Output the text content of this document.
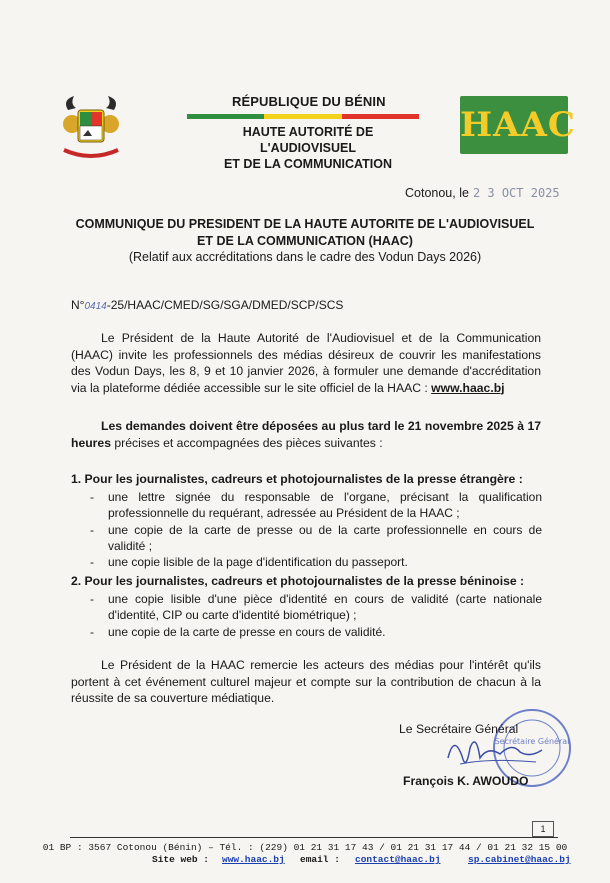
RÉPUBLIQUE DU BÉNIN
HAUTE AUTORITÉ DE L'AUDIOVISUEL
ET DE LA COMMUNICATION
HAAC
Cotonou, le 2 3 OCT 2025
COMMUNIQUE DU PRESIDENT DE LA HAUTE AUTORITE DE L'AUDIOVISUEL
ET DE LA COMMUNICATION (HAAC)
(Relatif aux accréditations dans le cadre des Vodun Days 2026)
N°0414-25/HAAC/CMED/SG/SGA/DMED/SCP/SCS
Le Président de la Haute Autorité de l'Audiovisuel et de la Communication (HAAC) invite les professionnels des médias désireux de couvrir les manifestations des Vodun Days, les 8, 9 et 10 janvier 2026, à formuler une demande d'accréditation via la plateforme dédiée accessible sur le site officiel de la HAAC : www.haac.bj
Les demandes doivent être déposées au plus tard le 21 novembre 2025 à 17 heures précises et accompagnées des pièces suivantes :
1. Pour les journalistes, cadreurs et photojournalistes de la presse étrangère :
- une lettre signée du responsable de l'organe, précisant la qualification professionnelle du requérant, adressée au Président de la HAAC ;
- une copie de la carte de presse ou de la carte professionnelle en cours de validité ;
- une copie lisible de la page d'identification du passeport.
2. Pour les journalistes, cadreurs et photojournalistes de la presse béninoise :
- une copie lisible d'une pièce d'identité en cours de validité (carte nationale d'identité, CIP ou carte d'identité biométrique) ;
- une copie de la carte de presse en cours de validité.
Le Président de la HAAC remercie les acteurs des médias pour l'intérêt qu'ils portent à cet événement culturel majeur et compte sur la contribution de chacun à la réussite de sa couverture médiatique.
Secrétaire Général
Le Secrétaire Général
François K. AWOUDO
1
01 BP : 3567 Cotonou (Bénin) – Tél. : (229) 01 21 31 17 43 / 01 21 31 17 44 / 01 21 32 15 00
Site web : www.haac.bj email : contact@haac.bj	sp.cabinet@haac.bj
